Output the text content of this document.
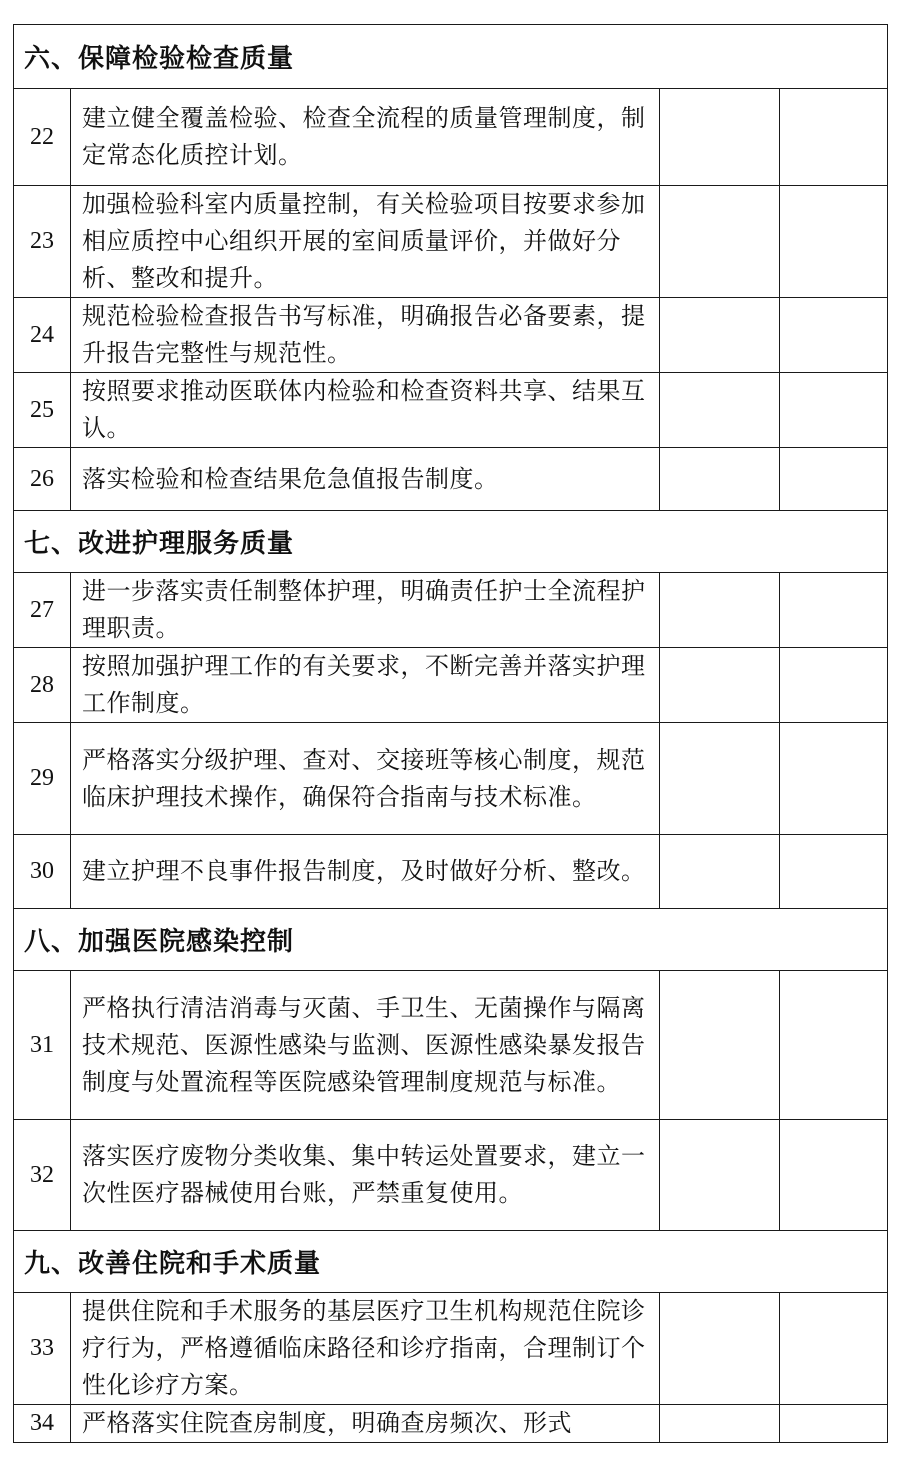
六、保障检验检查质量			
22	建立健全覆盖检验、检查全流程的质量管理制度，制定常态化质控计划。		
23	加强检验科室内质量控制，有关检验项目按要求参加相应质控中心组织开展的室间质量评价，并做好分析、整改和提升。		
24	规范检验检查报告书写标准，明确报告必备要素，提升报告完整性与规范性。		
25	按照要求推动医联体内检验和检查资料共享、结果互认。		
26	落实检验和检查结果危急值报告制度。		
七、改进护理服务质量			
27	进一步落实责任制整体护理，明确责任护士全流程护理职责。		
28	按照加强护理工作的有关要求，不断完善并落实护理工作制度。		
29	严格落实分级护理、查对、交接班等核心制度，规范临床护理技术操作，确保符合指南与技术标准。		
30	建立护理不良事件报告制度，及时做好分析、整改。		
八、加强医院感染控制			
31	严格执行清洁消毒与灭菌、手卫生、无菌操作与隔离技术规范、医源性感染与监测、医源性感染暴发报告制度与处置流程等医院感染管理制度规范与标准。		
32	落实医疗废物分类收集、集中转运处置要求，建立一次性医疗器械使用台账，严禁重复使用。		
九、改善住院和手术质量			
33	提供住院和手术服务的基层医疗卫生机构规范住院诊疗行为，严格遵循临床路径和诊疗指南，合理制订个性化诊疗方案。		
34	严格落实住院查房制度，明确查房频次、形式		
